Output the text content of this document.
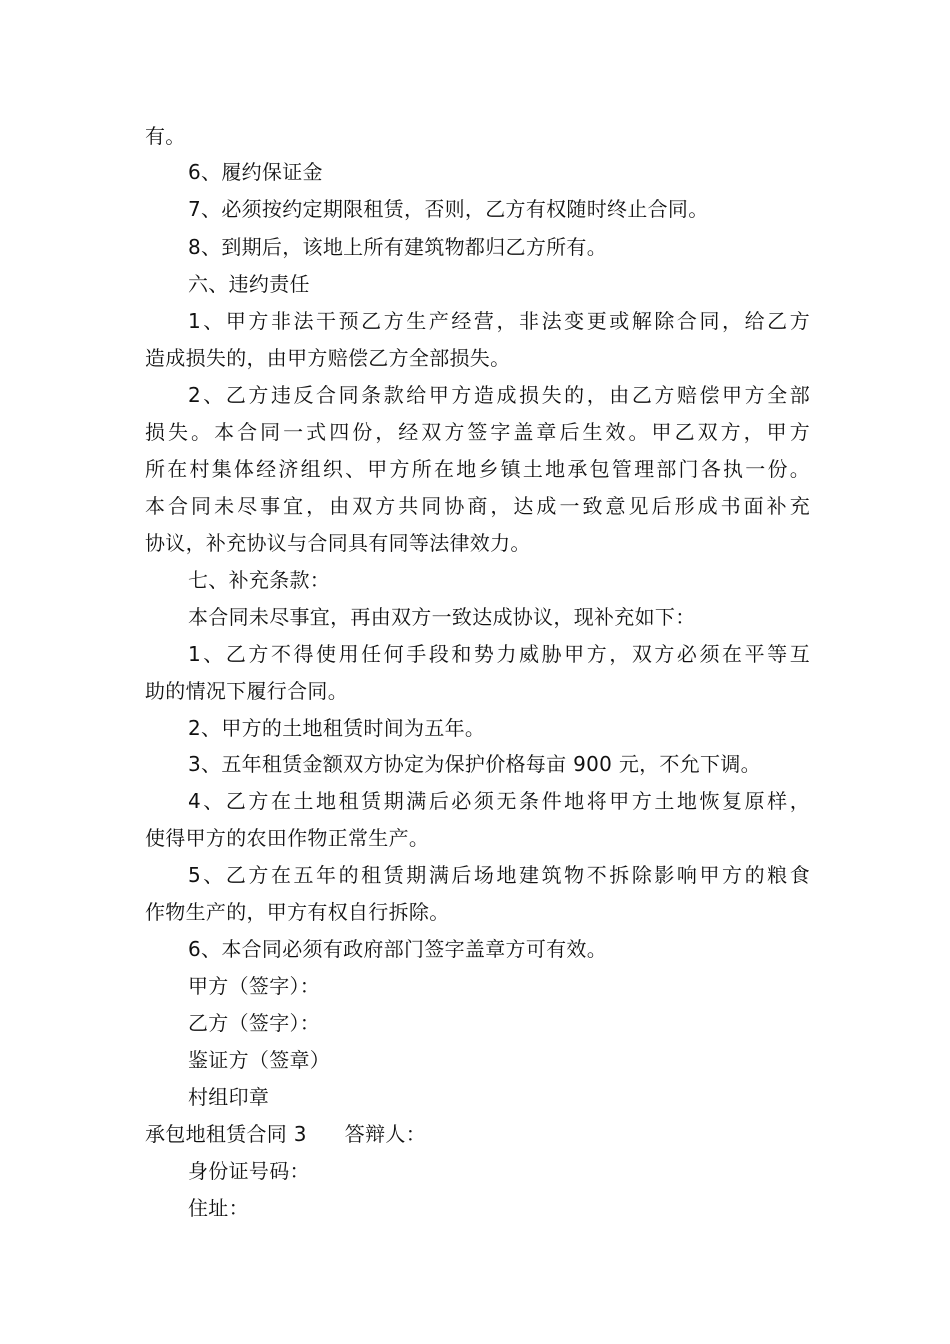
有。
6、履约保证金
7、必须按约定期限租赁，否则，乙方有权随时终止合同。
8、到期后，该地上所有建筑物都归乙方所有。
六、违约责任
1、甲方非法干预乙方生产经营，非法变更或解除合同，给乙方
造成损失的，由甲方赔偿乙方全部损失。
2、乙方违反合同条款给甲方造成损失的，由乙方赔偿甲方全部
损失。本合同一式四份，经双方签字盖章后生效。甲乙双方，甲方
所在村集体经济组织、甲方所在地乡镇土地承包管理部门各执一份。
本合同未尽事宜，由双方共同协商，达成一致意见后形成书面补充
协议，补充协议与合同具有同等法律效力。
七、补充条款：
本合同未尽事宜，再由双方一致达成协议，现补充如下：
1、乙方不得使用任何手段和势力威胁甲方，双方必须在平等互
助的情况下履行合同。
2、甲方的土地租赁时间为五年。
3、五年租赁金额双方协定为保护价格每亩 900 元，不允下调。
4、乙方在土地租赁期满后必须无条件地将甲方土地恢复原样，
使得甲方的农田作物正常生产。
5、乙方在五年的租赁期满后场地建筑物不拆除影响甲方的粮食
作物生产的，甲方有权自行拆除。
6、本合同必须有政府部门签字盖章方可有效。
甲方（签字）：
乙方（签字）：
鉴证方（签章）
村组印章
承包地租赁合同 3 答辩人：
身份证号码：
住址：
